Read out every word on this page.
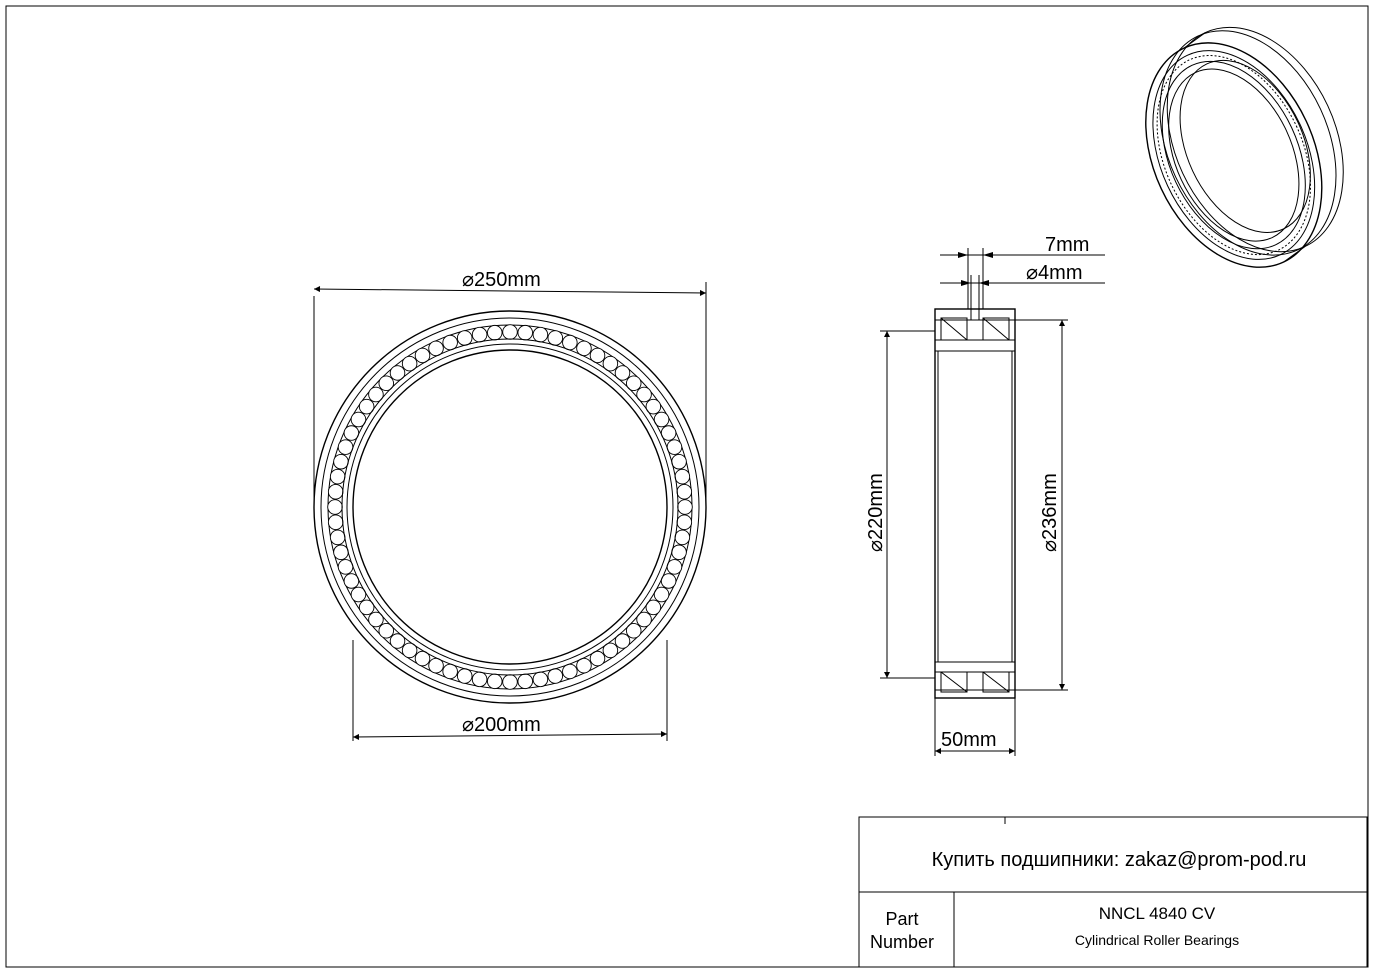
⌀250mm
⌀200mm
7mm
⌀4mm
⌀220mm
⌀236mm
50mm
Купить подшипники: zakaz@prom-pod.ru
Part
Number
NNCL 4840 CV
Cylindrical Roller Bearings
